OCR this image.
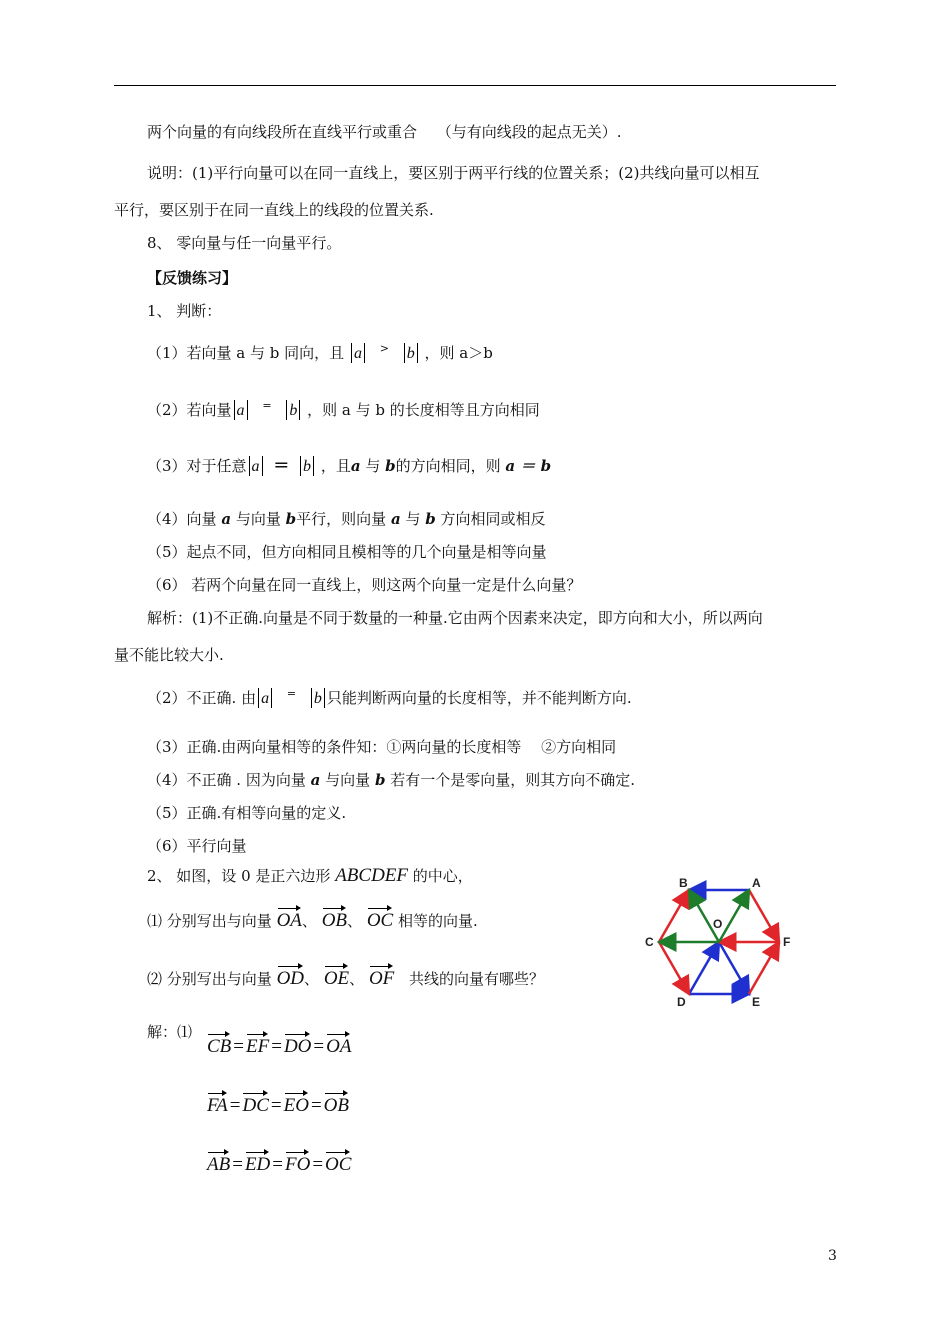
两个向量的有向线段所在直线平行或重合　 （与有向线段的起点无关）.
说明：(1)平行向量可以在同一直线上，要区别于两平行线的位置关系；(2)共线向量可以相互
平行，要区别于在同一直线上的线段的位置关系.
8、 零向量与任一向量平行。
【反馈练习】
1、 判断：
（1）若向量 a 与 b 同向，且 a > b ，则 a＞b
（2）若向量 a = b ，则 a 与 b 的长度相等且方向相同
（3）对于任意 a = b ，且a 与 b的方向相同，则 a ＝ b
（4）向量 a 与向量 b平行，则向量 a 与 b 方向相同或相反
（5）起点不同，但方向相同且模相等的几个向量是相等向量
（6） 若两个向量在同一直线上，则这两个向量一定是什么向量？
解析：(1)不正确.向量是不同于数量的一种量.它由两个因素来决定，即方向和大小，所以两向
量不能比较大小.
（2）不正确. 由 a = b 只能判断两向量的长度相等，并不能判断方向.
（3）正确.由两向量相等的条件知：①两向量的长度相等　 ②方向相同
（4）不正确 . 因为向量 a 与向量 b 若有一个是零向量，则其方向不确定.
（5）正确.有相等向量的定义.
（6）平行向量
2、 如图，设 0 是正六边形 ABCDEF 的中心，
⑴ 分别写出与向量 OA、 OB、 OC 相等的向量.
⑵ 分别写出与向量 OD、 OE、 OF 共线的向量有哪些？
解：⑴
CB = EF = DO = OA
FA = DC = EO = OB
AB = ED = FO = OC
A
B
C
D	E
F
O
3
